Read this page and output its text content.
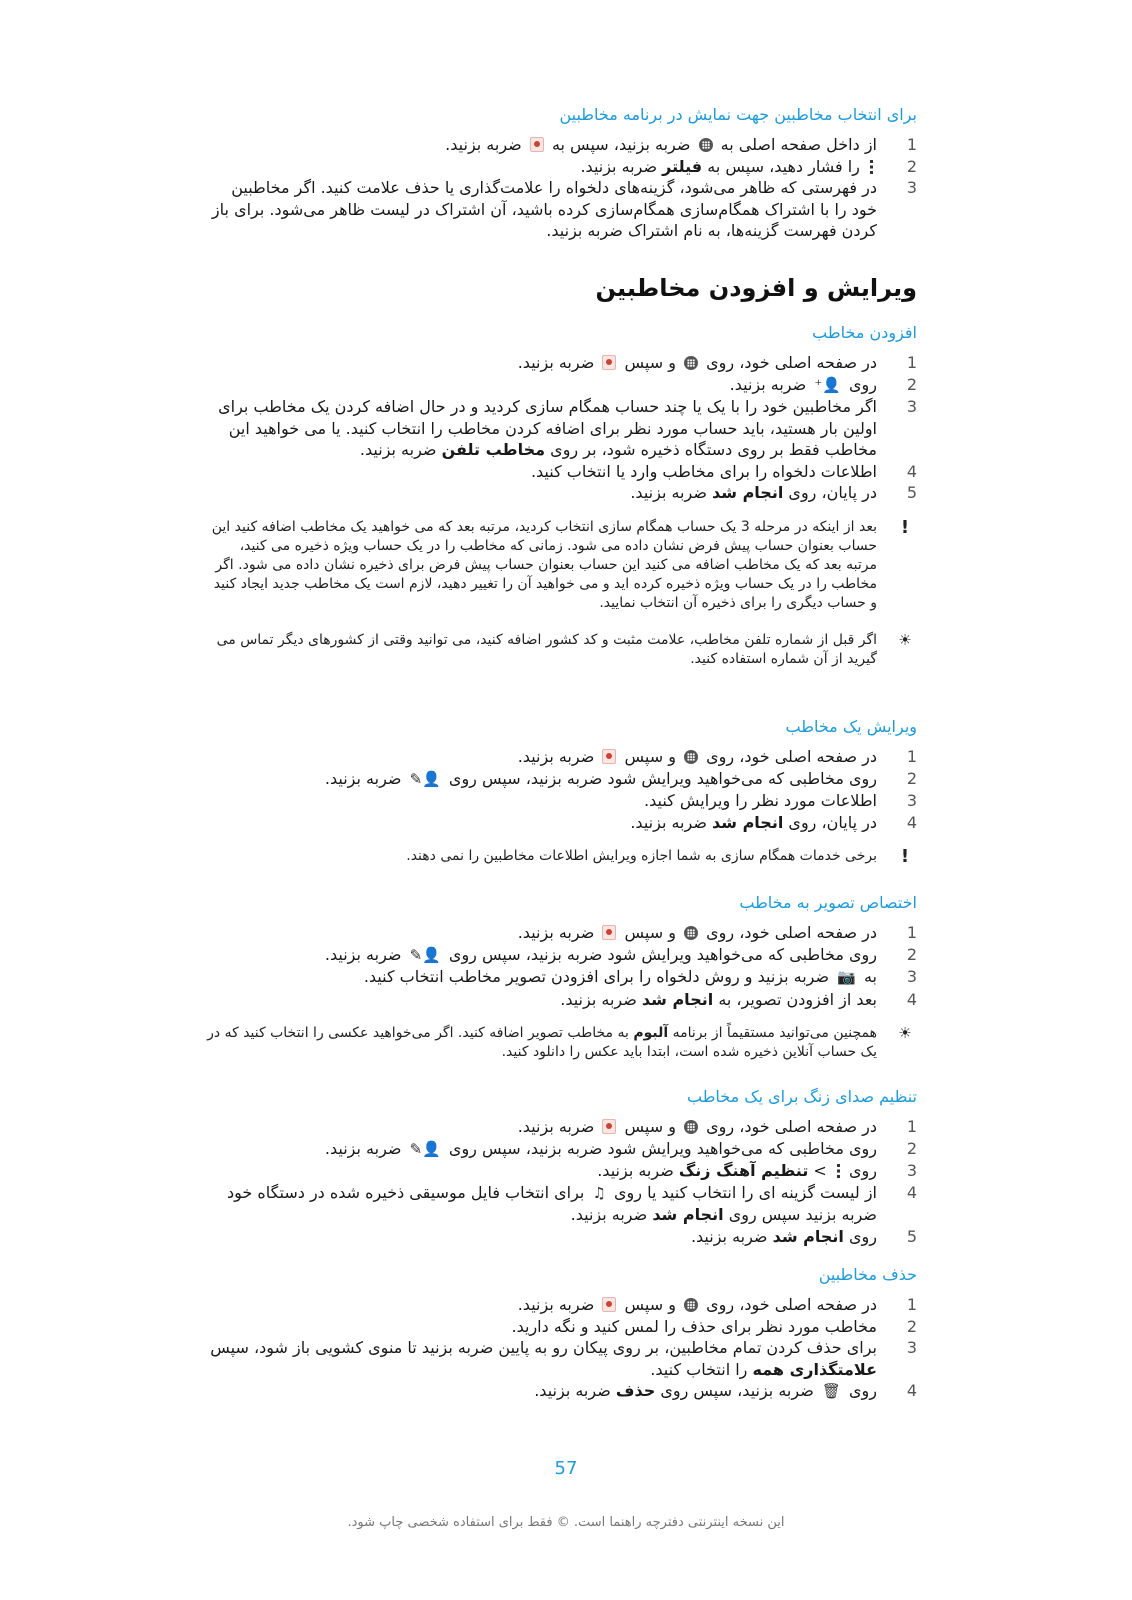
برای انتخاب مخاطبین جهت نمایش در برنامه مخاطبین

1
از داخل صفحه اصلی به  ضربه بزنید، سپس به  ضربه بزنید.
2
را فشار دهید، سپس به فیلتر ضربه بزنید.
3
در فهرستی که ظاهر می‌شود، گزینه‌های دلخواه را علامت‌گذاری یا حذف علامت کنید. اگر مخاطبین خود را با اشتراک همگام‌سازی همگام‌سازی کرده باشید، آن اشتراک در لیست ظاهر می‌شود. برای باز کردن فهرست گزینه‌ها، به نام اشتراک ضربه بزنید.

ویرایش و افزودن مخاطبین

افزودن مخاطب

1
در صفحه اصلی خود، روی  و سپس  ضربه بزنید.
2
روی 👤⁺ ضربه بزنید.
3
اگر مخاطبین خود را با یک یا چند حساب همگام سازی کردید و در حال اضافه کردن یک مخاطب برای اولین بار هستید، باید حساب مورد نظر برای اضافه کردن مخاطب را انتخاب کنید. یا می خواهید این مخاطب فقط بر روی دستگاه ذخیره شود، بر روی مخاطب تلفن ضربه بزنید.
4
اطلاعات دلخواه را برای مخاطب وارد یا انتخاب کنید.
5
در پایان، روی انجام شد ضربه بزنید.
!
بعد از اینکه در مرحله 3 یک حساب همگام سازی انتخاب کردید، مرتبه بعد که می خواهید یک مخاطب اضافه کنید این حساب بعنوان حساب پیش فرض نشان داده می شود. زمانی که مخاطب را در یک حساب ویژه ذخیره می کنید، مرتبه بعد که یک مخاطب اضافه می کنید این حساب بعنوان حساب پیش فرض برای ذخیره نشان داده می شود. اگر مخاطب را در یک حساب ویژه ذخیره کرده اید و می خواهید آن را تغییر دهید، لازم است یک مخاطب جدید ایجاد کنید و حساب دیگری را برای ذخیره آن انتخاب نمایید.
☀
اگر قبل از شماره تلفن مخاطب، علامت مثبت و کد کشور اضافه کنید، می توانید وقتی از کشورهای دیگر تماس می گیرید از آن شماره استفاده کنید.

ویرایش یک مخاطب

1
در صفحه اصلی خود، روی  و سپس  ضربه بزنید.
2
روی مخاطبی که می‌خواهید ویرایش شود ضربه بزنید، سپس روی 👤✎ ضربه بزنید.
3
اطلاعات مورد نظر را ویرایش کنید.
4
در پایان، روی انجام شد ضربه بزنید.
!
برخی خدمات همگام سازی به شما اجازه ویرایش اطلاعات مخاطبین را نمی دهند.

اختصاص تصویر به مخاطب

1
در صفحه اصلی خود، روی  و سپس  ضربه بزنید.
2
روی مخاطبی که می‌خواهید ویرایش شود ضربه بزنید، سپس روی 👤✎ ضربه بزنید.
3
به 📷 ضربه بزنید و روش دلخواه را برای افزودن تصویر مخاطب انتخاب کنید.
4
بعد از افزودن تصویر، به انجام شد ضربه بزنید.
☀
همچنین می‌توانید مستقیماً از برنامه آلبوم به مخاطب تصویر اضافه کنید. اگر می‌خواهید عکسی را انتخاب کنید که در یک حساب آنلاین ذخیره شده است، ابتدا باید عکس را دانلود کنید.

تنظیم صدای زنگ برای یک مخاطب

1
در صفحه اصلی خود، روی  و سپس  ضربه بزنید.
2
روی مخاطبی که می‌خواهید ویرایش شود ضربه بزنید، سپس روی 👤✎ ضربه بزنید.
3
روی  > تنظیم آهنگ زنگ ضربه بزنید.
4
از لیست گزینه ای را انتخاب کنید یا روی ♫ برای انتخاب فایل موسیقی ذخیره شده در دستگاه خود ضربه بزنید سپس روی انجام شد ضربه بزنید.
5
روی انجام شد ضربه بزنید.

حذف مخاطبین

1
در صفحه اصلی خود، روی  و سپس  ضربه بزنید.
2
مخاطب مورد نظر برای حذف را لمس کنید و نگه دارید.
3
برای حذف کردن تمام مخاطبین، بر روی پیکان رو به پایین ضربه بزنید تا منوی کشویی باز شود، سپس علامتگذاری همه را انتخاب کنید.
4
روی 🗑 ضربه بزنید، سپس روی حذف ضربه بزنید.
57
این نسخه اینترنتی دفترچه راهنما است. © فقط برای استفاده شخصی چاپ شود.
